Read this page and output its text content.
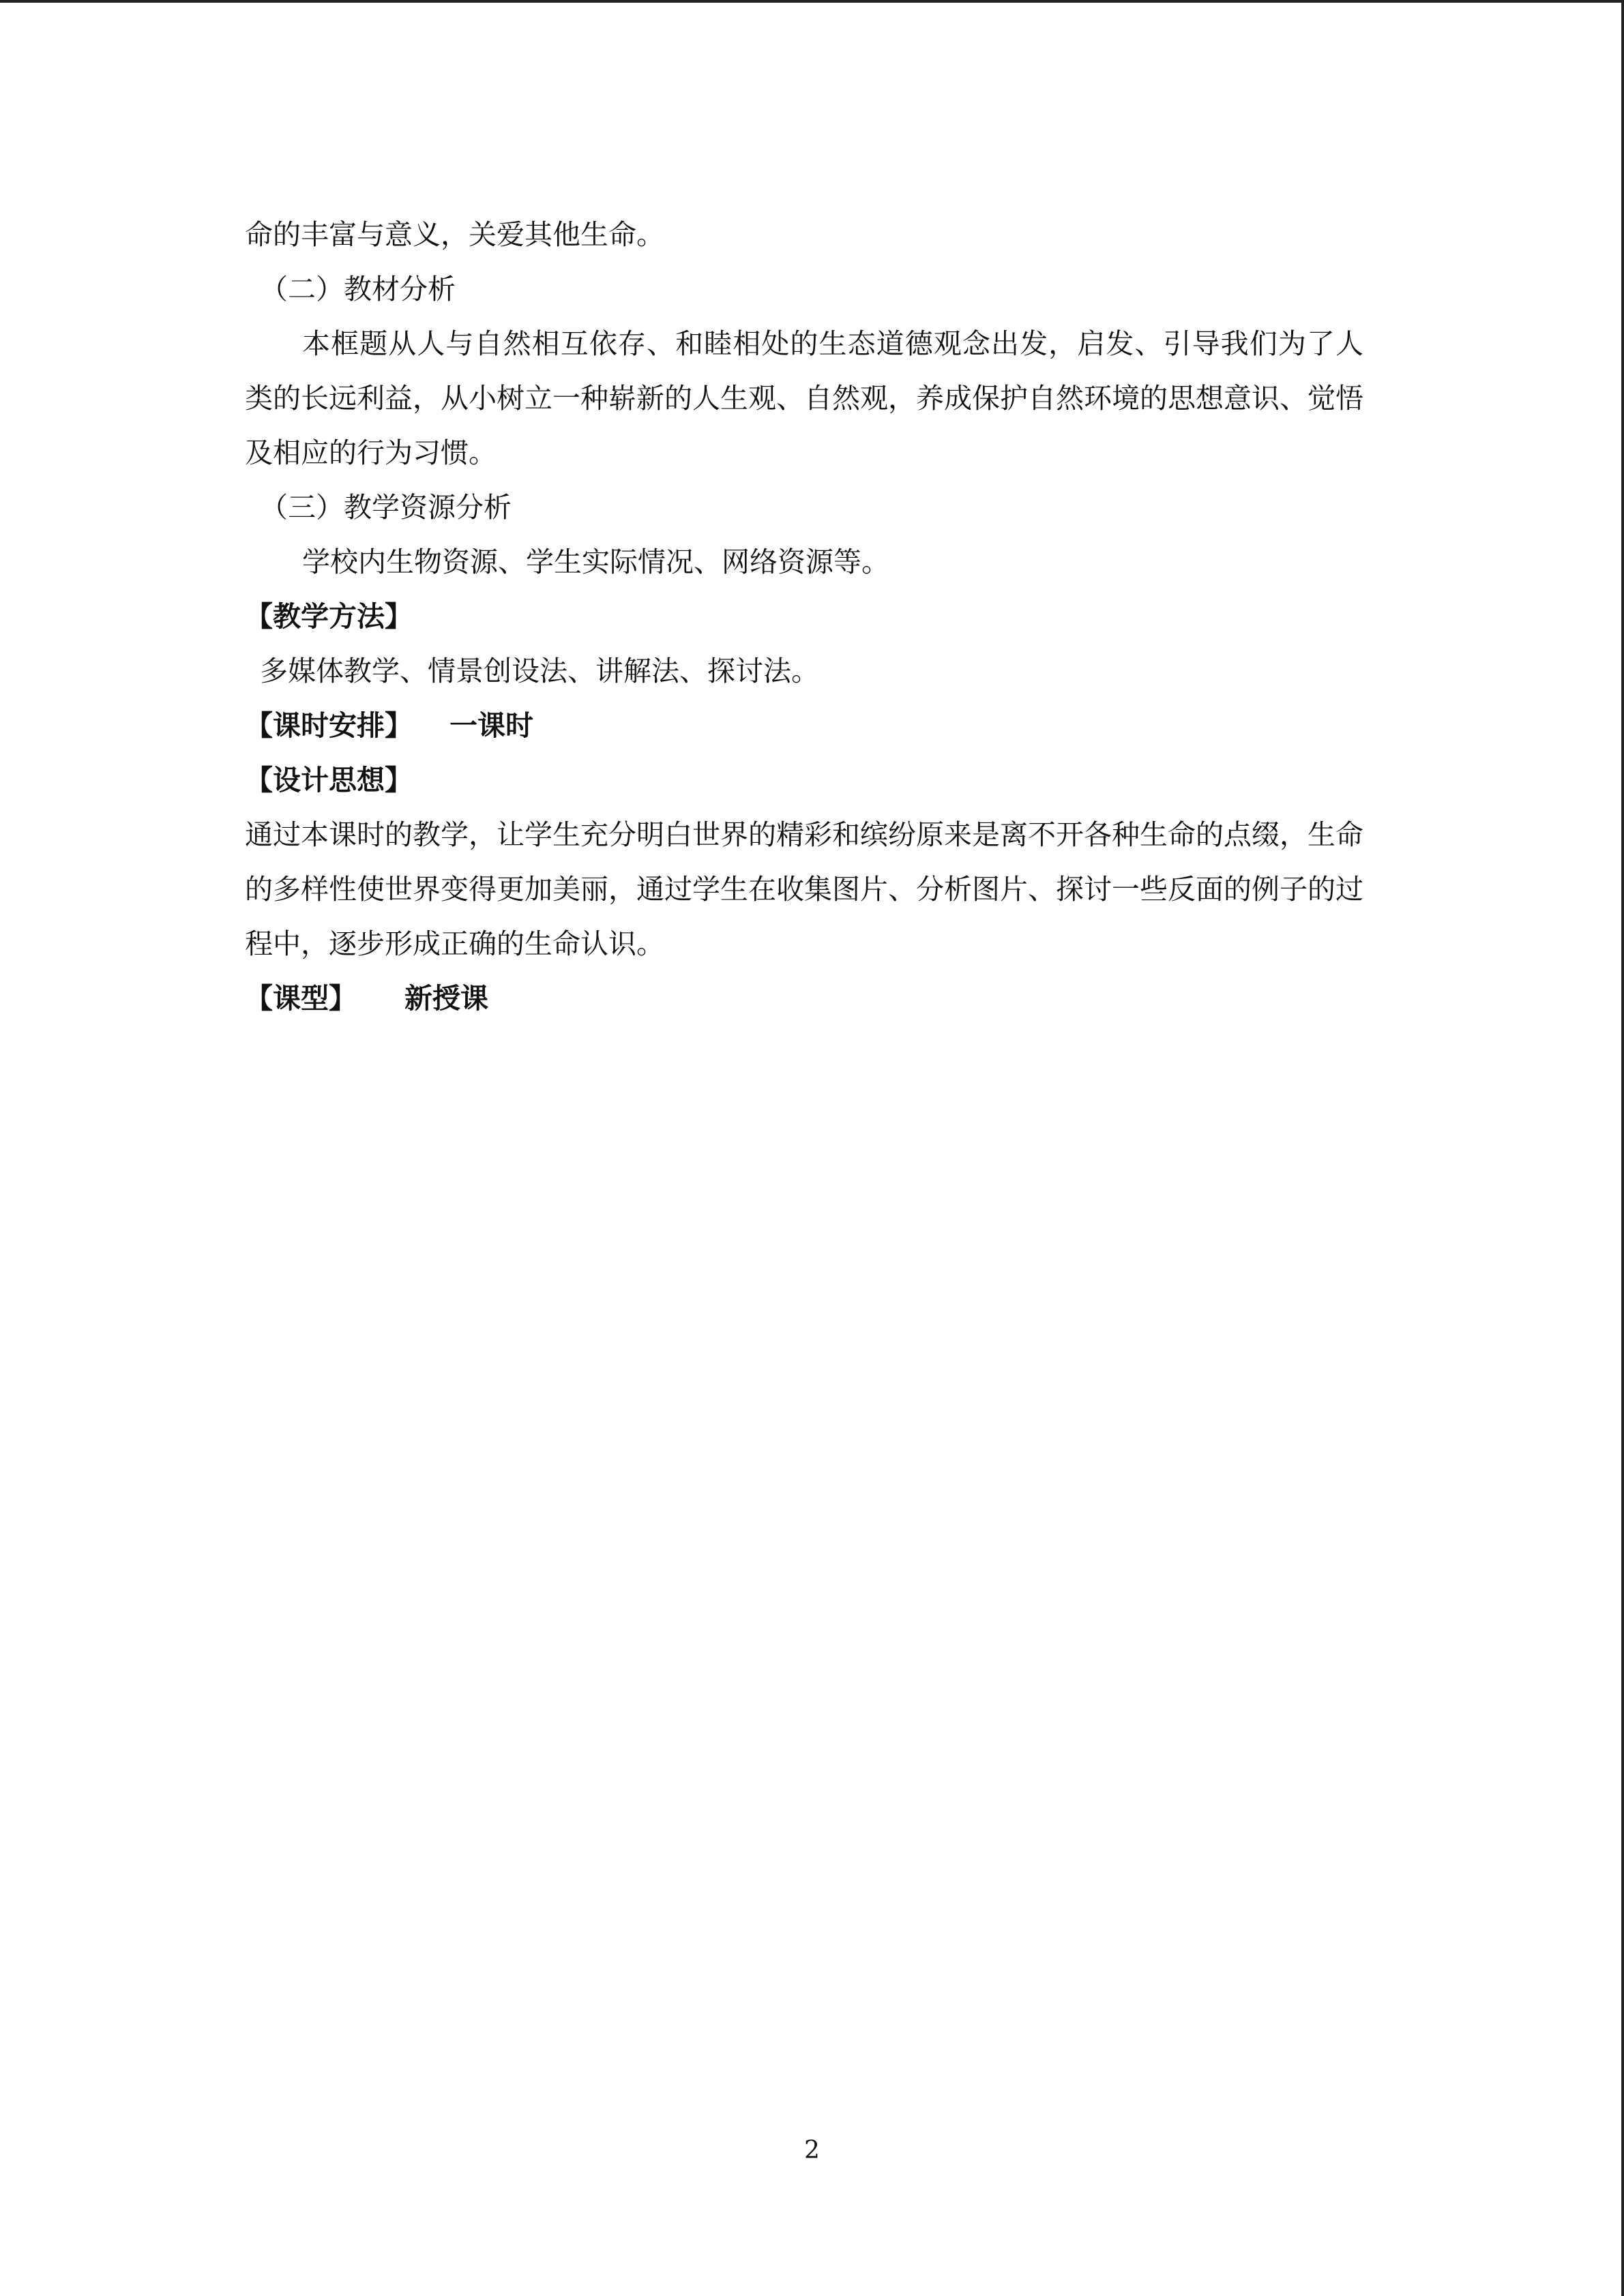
命的丰富与意义，关爱其他生命。

（二）教材分析

本框题从人与自然相互依存、和睦相处的生态道德观念出发，启发、引导我们为了人类的长远利益，从小树立一种崭新的人生观、自然观，养成保护自然环境的思想意识、觉悟及相应的行为习惯。

（三）教学资源分析

学校内生物资源、学生实际情况、网络资源等。

【教学方法】

多媒体教学、情景创设法、讲解法、探讨法。

【课时安排】 一课时

【设计思想】

通过本课时的教学，让学生充分明白世界的精彩和缤纷原来是离不开各种生命的点缀，生命的多样性使世界变得更加美丽，通过学生在收集图片、分析图片、探讨一些反面的例子的过程中，逐步形成正确的生命认识。

【课型】 新授课

2
